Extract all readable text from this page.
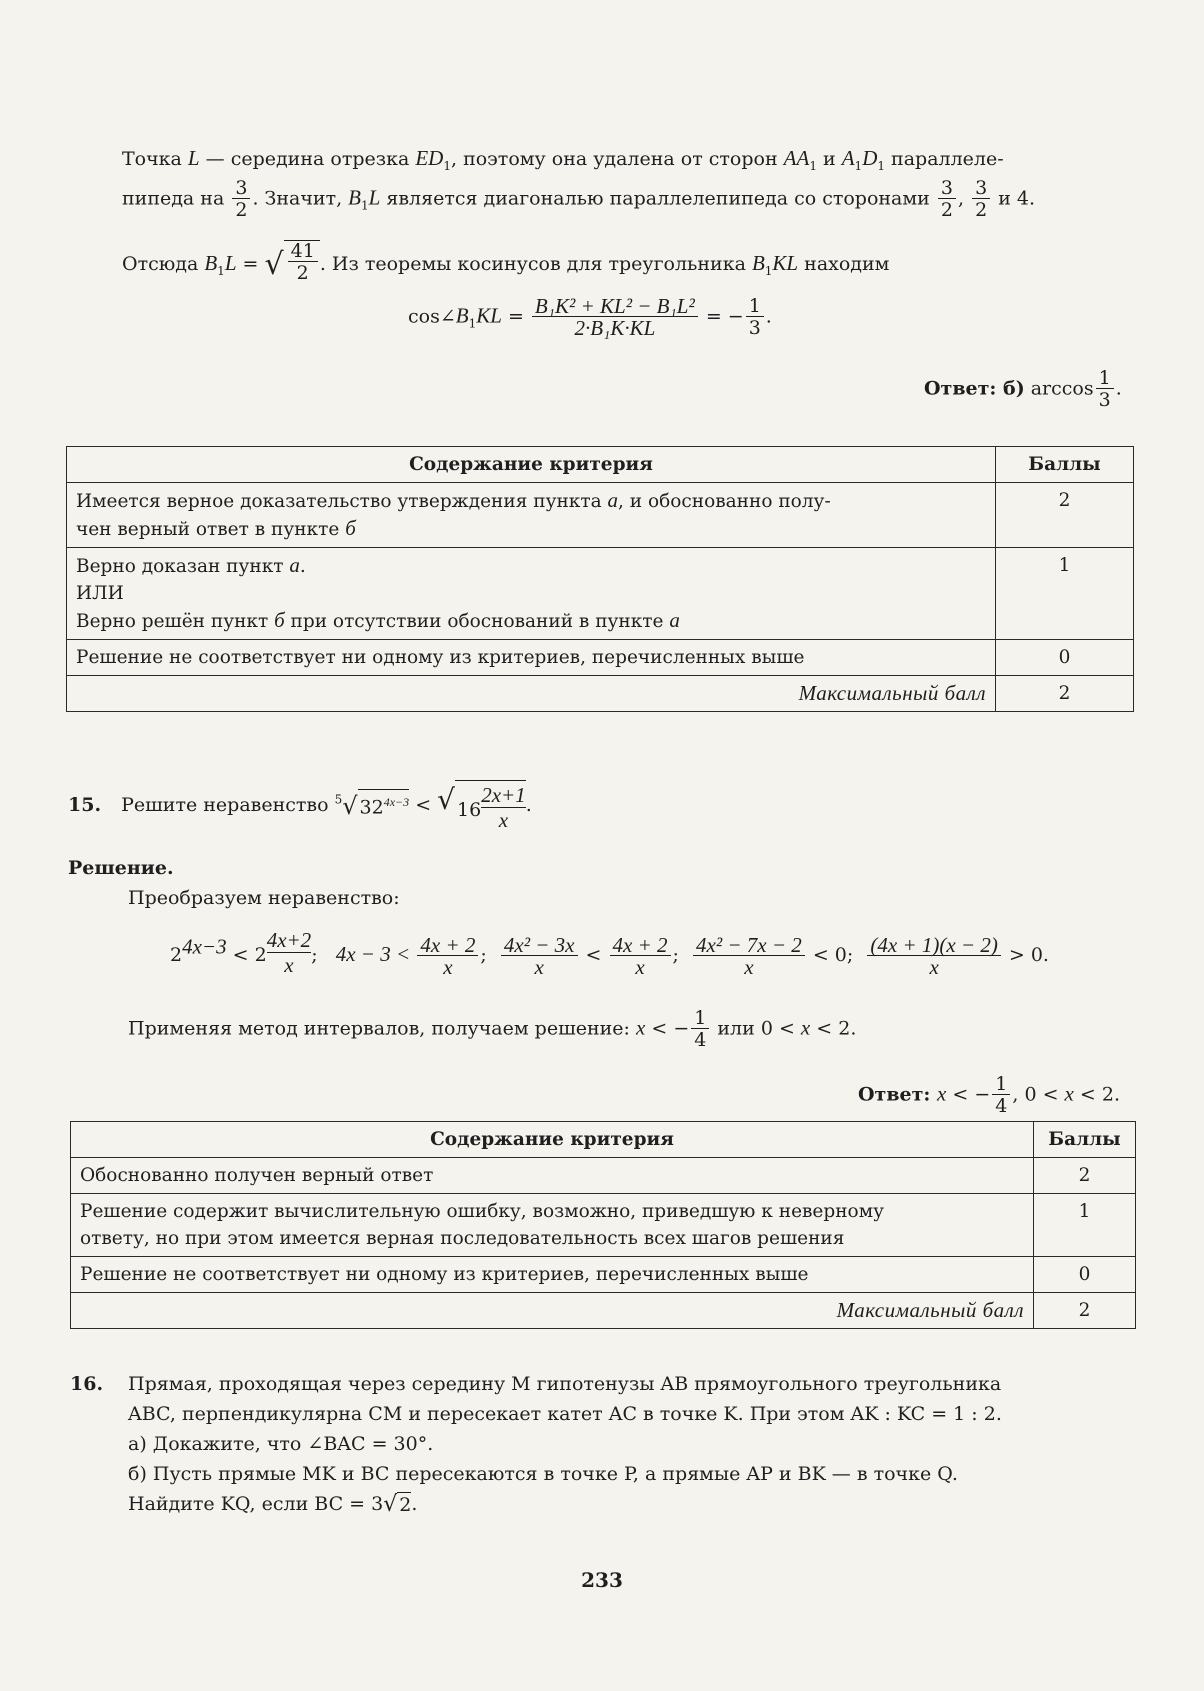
Точка L — середина отрезка $ED_1$, поэтому она удалена от сторон $AA_1$ и $A_1D_1$ параллеле-
пипеда на $\frac{3}{2}$ . Значит, $B_1L$ является диагональю параллелепипеда со сторонами $\frac{3}{2}$ , $\frac{3}{2}$ и 4.
Отсюда $B_1L$ = √ $\frac{41}{2}$ . Из теоремы косинусов для треугольника $B_1KL$ находим
$\cos\angle B_1KL = \frac{\text{B₁K² + KL² − B₁L²}}{\text{2·B₁K·KL}}$ = − $\frac{1}{3}$ .
Ответ: б) $\arccos \frac{1}{3}$ .
Содержание критерия	Баллы
Имеется верное доказательство утверждения пункта а, и обоснованно полу-
чен верный ответ в пункте б	2
Верно доказан пункт а.
ИЛИ
Верно решён пункт б при отсутствии обоснований в пункте а	1
Решение не соответствует ни одному из критериев, перечисленных выше	0
Максимальный балл	2
15. Решите неравенство $^5$ √ $32^{4x-3}$ < √ 16 $^{\frac{2x+1}{x}}$ .
Решение.
Преобразуем неравенство:
$2^{4x-3} < 2$ $^{\frac{4x+2}{x}}$ ; $4x - 3 < \frac{4x + 2}{x}$ ; $\frac{\text{4x² − 3x}}{x} < \frac{4x + 2}{x}$ ; $\frac{\text{4x² − 7x − 2}}{x} < 0$; $\frac{(4x + 1)(x - 2)}{x} > 0$.
Применяя метод интервалов, получаем решение: x < − $\frac{1}{4}$ или 0 < x < 2.
Ответ: x < − $\frac{1}{4}$ , 0 < x < 2.
Содержание критерия	Баллы
Обоснованно получен верный ответ	2
Решение содержит вычислительную ошибку, возможно, приведшую к неверному
ответу, но при этом имеется верная последовательность всех шагов решения	1
Решение не соответствует ни одному из критериев, перечисленных выше	0
Максимальный балл	2
16. Прямая, проходящая через середину M гипотенузы AB прямоугольного треугольника
ABC, перпендикулярна CM и пересекает катет AC в точке K. При этом AK : KC = 1 : 2.
а) Докажите, что ∠BAC = 30°.
б) Пусть прямые MK и BC пересекаются в точке P, а прямые AP и BK — в точке Q.
Найдите KQ, если BC = 3 √ 2 .
233
